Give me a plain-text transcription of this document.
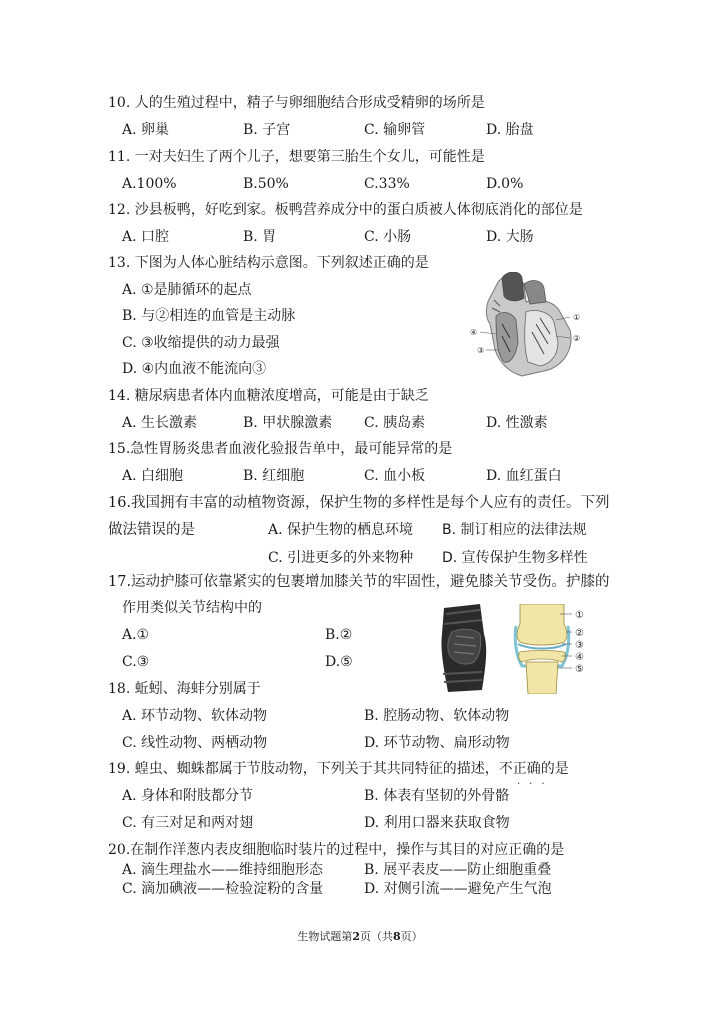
10. 人的生殖过程中，精子与卵细胞结合形成受精卵的场所是
A. 卵巢	B. 子宫	C. 输卵管	D. 胎盘
11. 一对夫妇生了两个儿子，想要第三胎生个女儿，可能性是
A.100%	B.50%	C.33%	D.0%
12. 沙县板鸭，好吃到家。板鸭营养成分中的蛋白质被人体彻底消化的部位是
A. 口腔	B. 胃	C. 小肠	D. 大肠
13. 下图为人体心脏结构示意图。下列叙述正确的是
A. ①是肺循环的起点
B. 与②相连的血管是主动脉
C. ③收缩提供的动力最强
D. ④内血液不能流向③
①
②
③
④
14. 糖尿病患者体内血糖浓度增高，可能是由于缺乏
A. 生长激素	B. 甲状腺激素 C. 胰岛素	D. 性激素
15.急性胃肠炎患者血液化验报告单中，最可能异常的是
A. 白细胞	B. 红细胞	C. 血小板	D. 血红蛋白
16.我国拥有丰富的动植物资源，保护生物的多样性是每个人应有的责任。下列
做法错误的是	A. 保护生物的栖息环境 B. 制订相应的法律法规
C. 引进更多的外来物种 D. 宣传保护生物多样性
17.运动护膝可依靠紧实的包裹增加膝关节的牢固性，避免膝关节受伤。护膝的
作用类似关节结构中的
A.①	B.②
C.③	D.⑤
①
②
③
④
⑤
18. 蚯蚓、海蚌分别属于
A. 环节动物、软体动物	B. 腔肠动物、软体动物
C. 线性动物、两栖动物	D. 环节动物、扁形动物
19. 蝗虫、蜘蛛都属于节肢动物，下列关于其共同特征的描述，不正确的是
···
A. 身体和附肢都分节	B. 体表有坚韧的外骨骼
C. 有三对足和两对翅	D. 利用口器来获取食物
20.在制作洋葱内表皮细胞临时装片的过程中，操作与其目的对应正确的是
A. 滴生理盐水——维持细胞形态	B. 展平表皮——防止细胞重叠
C. 滴加碘液——检验淀粉的含量	D. 对侧引流——避免产生气泡
生物试题第2页（共8页）
